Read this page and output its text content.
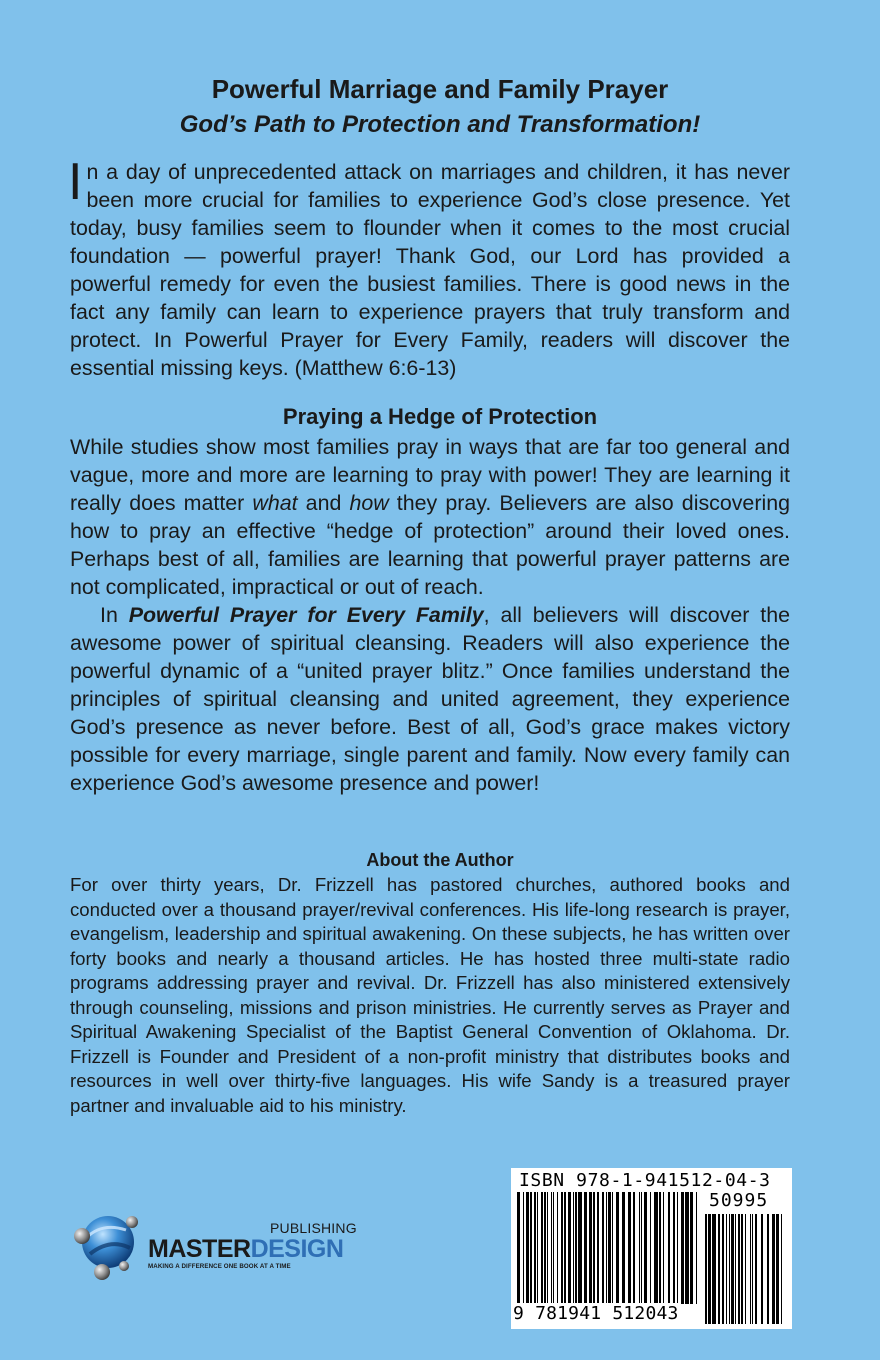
Powerful Marriage and Family Prayer
God’s Path to Protection and Transformation!

In a day of unprecedented attack on marriages and children, it has never been more crucial for families to experience God’s close presence. Yet today, busy families seem to flounder when it comes to the most crucial foundation — powerful prayer! Thank God, our Lord has provided a powerful remedy for even the busiest families. There is good news in the fact any family can learn to experience prayers that truly transform and protect. In Powerful Prayer for Every Family, readers will discover the essential missing keys. (Matthew 6:6-13)

Praying a Hedge of Protection

While studies show most families pray in ways that are far too general and vague, more and more are learning to pray with power! They are learning it really does matter what and how they pray. Believers are also discovering how to pray an effective “hedge of protection” around their loved ones. Perhaps best of all, families are learning that powerful prayer patterns are not complicated, impractical or out of reach.

In Powerful Prayer for Every Family, all believers will discover the awesome power of spiritual cleansing. Readers will also experience the powerful dynamic of a “united prayer blitz.” Once families understand the principles of spiritual cleansing and united agreement, they experience God’s presence as never before. Best of all, God’s grace makes victory possible for every marriage, single parent and family. Now every family can experience God’s awesome presence and power!

About the Author

For over thirty years, Dr. Frizzell has pastored churches, authored books and conducted over a thousand prayer/revival conferences. His life-long research is prayer, evangelism, leadership and spiritual awakening. On these subjects, he has written over forty books and nearly a thousand articles. He has hosted three multi-state radio programs addressing prayer and revival. Dr. Frizzell has also ministered extensively through counseling, missions and prison ministries. He currently serves as Prayer and Spiritual Awakening Specialist of the Baptist General Convention of Oklahoma. Dr. Frizzell is Founder and President of a non-profit ministry that distributes books and resources in well over thirty-five languages. His wife Sandy is a treasured prayer partner and invaluable aid to his ministry.

PUBLISHING
MASTERDESIGN
MAKING A DIFFERENCE ONE BOOK AT A TIME
ISBN 978-1-941512-04-3
50995
9 781941 512043
